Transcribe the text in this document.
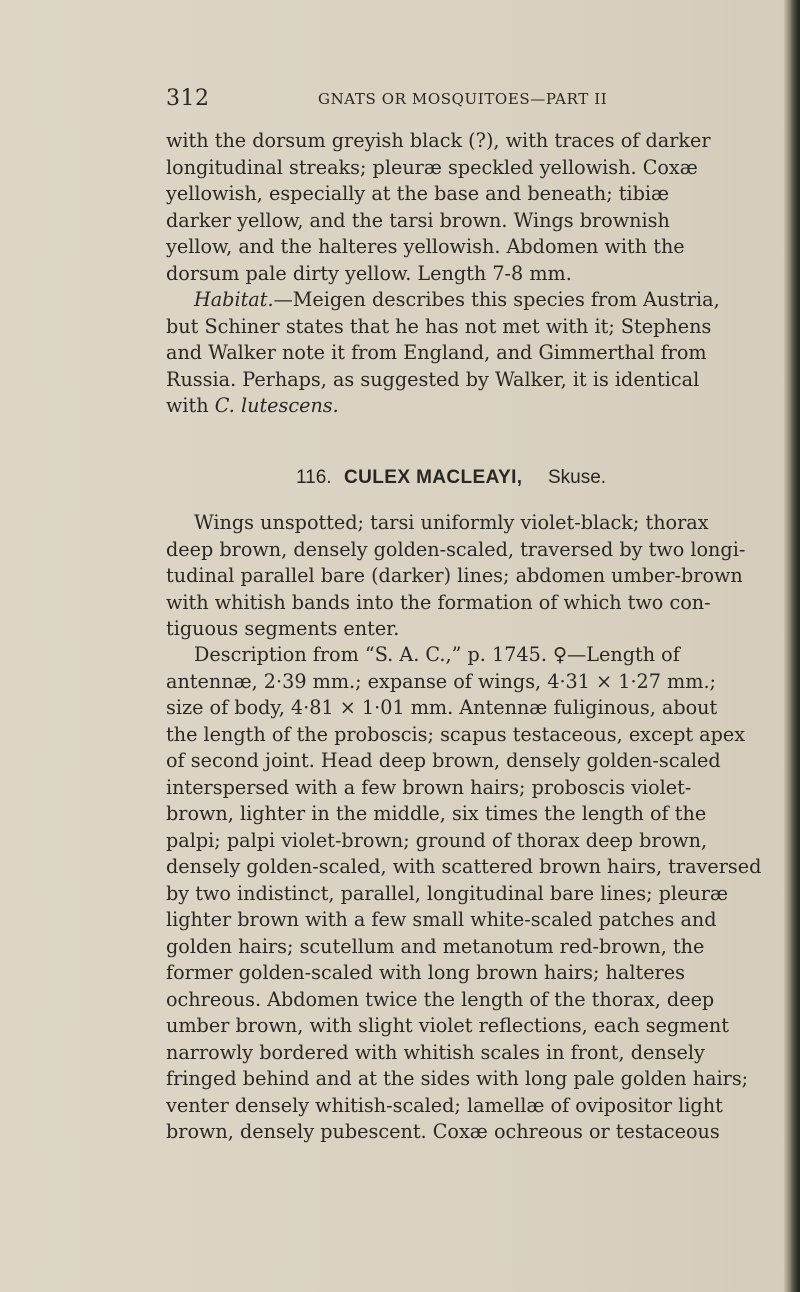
312	GNATS OR MOSQUITOES—PART II
with the dorsum greyish black (?), with traces of darker
longitudinal streaks; pleuræ speckled yellowish. Coxæ
yellowish, especially at the base and beneath; tibiæ
darker yellow, and the tarsi brown. Wings brownish
yellow, and the halteres yellowish. Abdomen with the
dorsum pale dirty yellow. Length 7-8 mm.
Habitat.—Meigen describes this species from Austria,
but Schiner states that he has not met with it; Stephens
and Walker note it from England, and Gimmerthal from
Russia. Perhaps, as suggested by Walker, it is identical
with
C. lutescens.
116. CULEX MACLEAYI, Skuse.
Wings unspotted; tarsi uniformly violet-black; thorax
deep brown, densely golden-scaled, traversed by two longi-
tudinal parallel bare (darker) lines; abdomen umber-brown
with whitish bands into the formation of which two con-
tiguous segments enter.
Description from “S. A. C.,” p. 1745. ♀—Length of
antennæ, 2·39 mm.; expanse of wings, 4·31 × 1·27 mm.;
size of body, 4·81 × 1·01 mm. Antennæ fuliginous, about
the length of the proboscis; scapus testaceous, except apex
of second joint. Head deep brown, densely golden-scaled
interspersed with a few brown hairs; proboscis violet-
brown, lighter in the middle, six times the length of the
palpi; palpi violet-brown; ground of thorax deep brown,
densely golden-scaled, with scattered brown hairs, traversed
by two indistinct, parallel, longitudinal bare lines; pleuræ
lighter brown with a few small white-scaled patches and
golden hairs; scutellum and metanotum red-brown, the
former golden-scaled with long brown hairs; halteres
ochreous. Abdomen twice the length of the thorax, deep
umber brown, with slight violet reflections, each segment
narrowly bordered with whitish scales in front, densely
fringed behind and at the sides with long pale golden hairs;
venter densely whitish-scaled; lamellæ of ovipositor light
brown, densely pubescent. Coxæ ochreous or testaceous
